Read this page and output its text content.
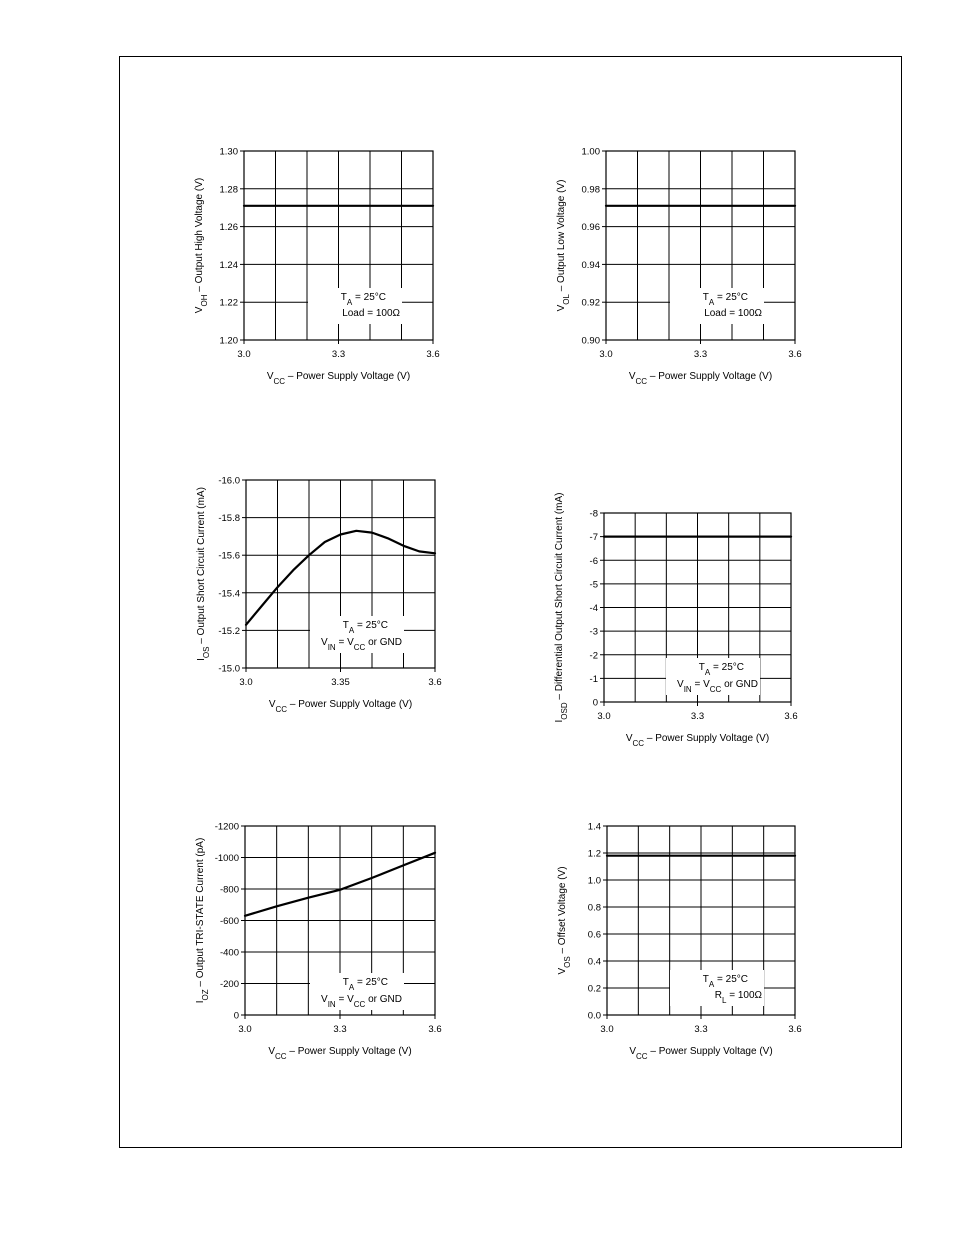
1.20
1.22
1.24
1.26
1.28
1.30
3.0	3.3	3.6
$V_{CC}$ – Power Supply Voltage (V)
$V_{OH}$ – Output High Voltage (V)
$T_A = 25^\circ C$
Load = 100Ω
0.90
0.92
0.94
0.96
0.98
1.00
3.0	3.3	3.6
$V_{CC}$ – Power Supply Voltage (V)
$V_{OL}$ – Output Low Voltage (V)
$T_A = 25^\circ C$
Load = 100Ω
-15.0
-15.2
-15.4
-15.6
-15.8
-16.0
3.0	3.35	3.6
$V_{CC}$ – Power Supply Voltage (V)
$I_{OS}$ – Output Short Circuit Current (mA)	$T_A = 25^\circ C$
$V_{IN} = V_{CC}$ or GND
0
-1
-2
-3
-4
-5
-6
-7
-8
3.0	3.3	3.6
$V_{CC}$ – Power Supply Voltage (V)
$I_{OSD}$ – Differential Output Short Circuit Current (mA)	$T_A = 25^\circ C$
$V_{IN} = V_{CC}$ or GND
0
-200
-400
-600
-800
-1000
-1200
3.0	3.3	3.6
$V_{CC}$ – Power Supply Voltage (V)
$I_{OZ}$ – Output TRI-STATE Current (pA)	$T_A = 25^\circ C$
$V_{IN} = V_{CC}$ or GND
0.0
0.2
0.4
0.6
0.8
1.0
1.2
1.4
3.0	3.3	3.6
$V_{CC}$ – Power Supply Voltage (V)
$V_{OS}$ – Offset Voltage (V)
$T_A = 25^\circ C$
$R_L = 100\Omega$
